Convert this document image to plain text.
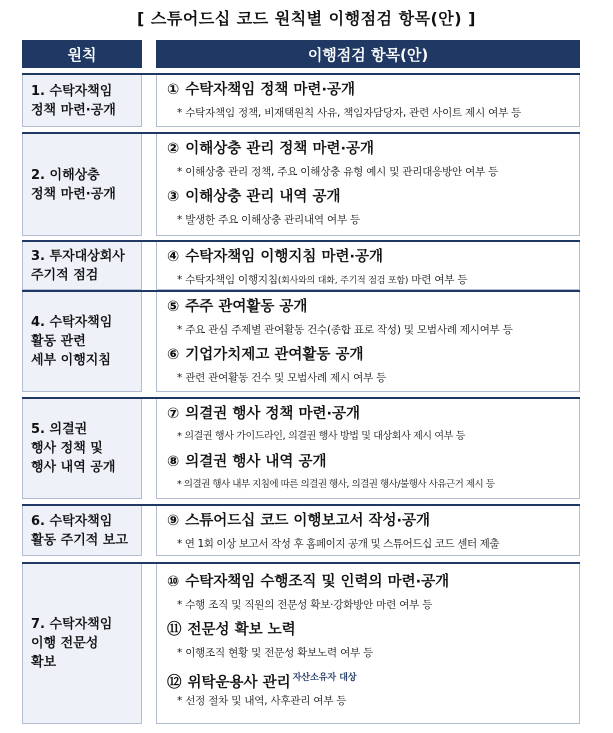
[ 스튜어드십 코드 원칙별 이행점검 항목(안) ]
원칙	이행점검 항목(안)
1. 수탁자책임
정책 마련·공개
① 수탁자책임 정책 마련·공개
* 수탁자책임 정책, 비재택원칙 사유, 책임자담당자, 관련 사이트 제시 여부 등
2. 이해상충
정책 마련·공개
② 이해상충 관리 정책 마련·공개
* 이해상충 관리 정책, 주요 이해상충 유형 예시 및 관리대응방안 여부 등
③ 이해상충 관리 내역 공개
* 발생한 주요 이해상충 관리내역 여부 등
3. 투자대상회사
주기적 점검
④ 수탁자책임 이행지침 마련·공개
* 수탁자책임 이행지침(회사와의 대화, 주기적 점검 포함) 마련 여부 등
4. 수탁자책임
활동 관련
세부 이행지침
⑤ 주주 관여활동 공개
* 주요 관심 주제별 관여활동 건수(종합 표로 작성) 및 모범사례 제시여부 등
⑥ 기업가치제고 관여활동 공개
* 관련 관여활동 건수 및 모범사례 제시 여부 등
5. 의결권
행사 정책 및
행사 내역 공개
⑦ 의결권 행사 정책 마련·공개
* 의결권 행사 가이드라인, 의결권 행사 방법 및 대상회사 제시 여부 등
⑧ 의결권 행사 내역 공개
* 의결권 행사 내부 지침에 따른 의결권 행사, 의결권 행사/불행사 사유근거 제시 등
6. 수탁자책임
활동 주기적 보고
⑨ 스튜어드십 코드 이행보고서 작성·공개
* 연 1회 이상 보고서 작성 후 홈페이지 공개 및 스튜어드십 코드 센터 제출
7. 수탁자책임
이행 전문성
확보
⑩ 수탁자책임 수행조직 및 인력의 마련·공개
* 수행 조직 및 직원의 전문성 확보·강화방안 마련 여부 등
⑪ 전문성 확보 노력
* 이행조직 현황 및 전문성 확보노력 여부 등
⑫ 위탁운용사 관리 $^{자산소유자 대상}$
* 선정 절차 및 내역, 사후관리 여부 등
